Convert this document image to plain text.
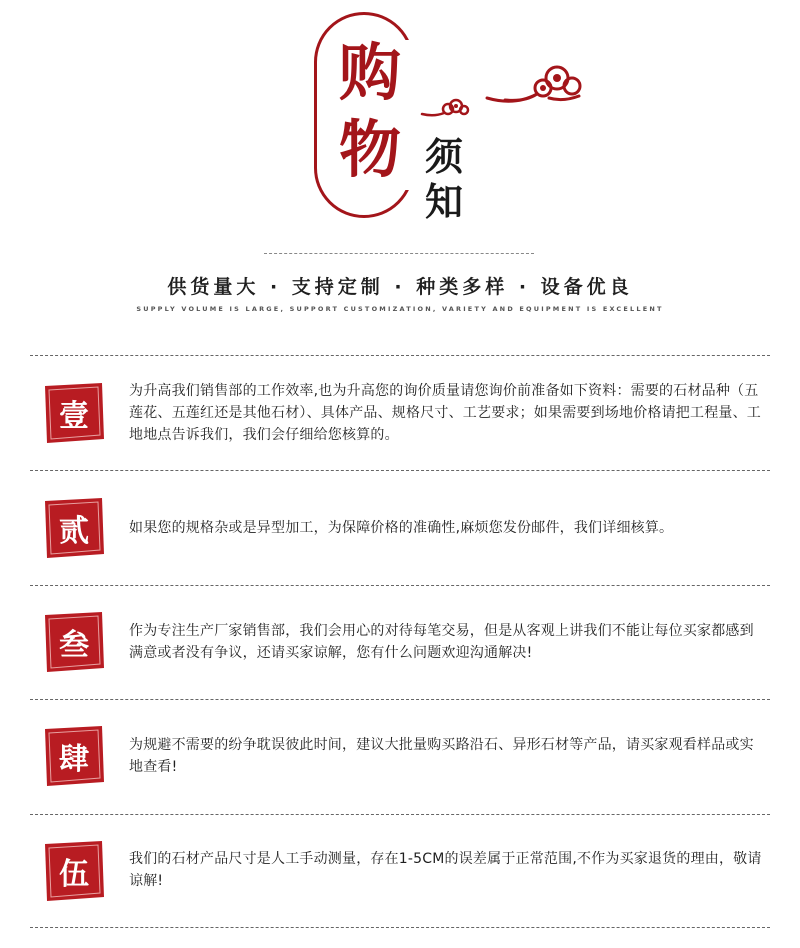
购
物 须
知
供货量大 · 支持定制 · 种类多样 · 设备优良
SUPPLY VOLUME IS LARGE, SUPPORT CUSTOMIZATION, VARIETY AND EQUIPMENT IS EXCELLENT
壹
为升高我们销售部的工作效率,也为升高您的询价质量请您询价前准备如下资料：需要的石材品种（五莲花、五莲红还是其他石材）、具体产品、规格尺寸、工艺要求；如果需要到场地价格请把工程量、工地地点告诉我们，我们会仔细给您核算的。
贰	如果您的规格杂或是异型加工，为保障价格的准确性,麻烦您发份邮件，我们详细核算。
叁	作为专注生产厂家销售部，我们会用心的对待每笔交易，但是从客观上讲我们不能让每位买家都感到满意或者没有争议，还请买家谅解，您有什么问题欢迎沟通解决!
肆	为规避不需要的纷争耽误彼此时间，建议大批量购买路沿石、异形石材等产品，请买家观看样品或实地查看!
伍	我们的石材产品尺寸是人工手动测量，存在1-5CM的误差属于正常范围,不作为买家退货的理由，敬请谅解!
